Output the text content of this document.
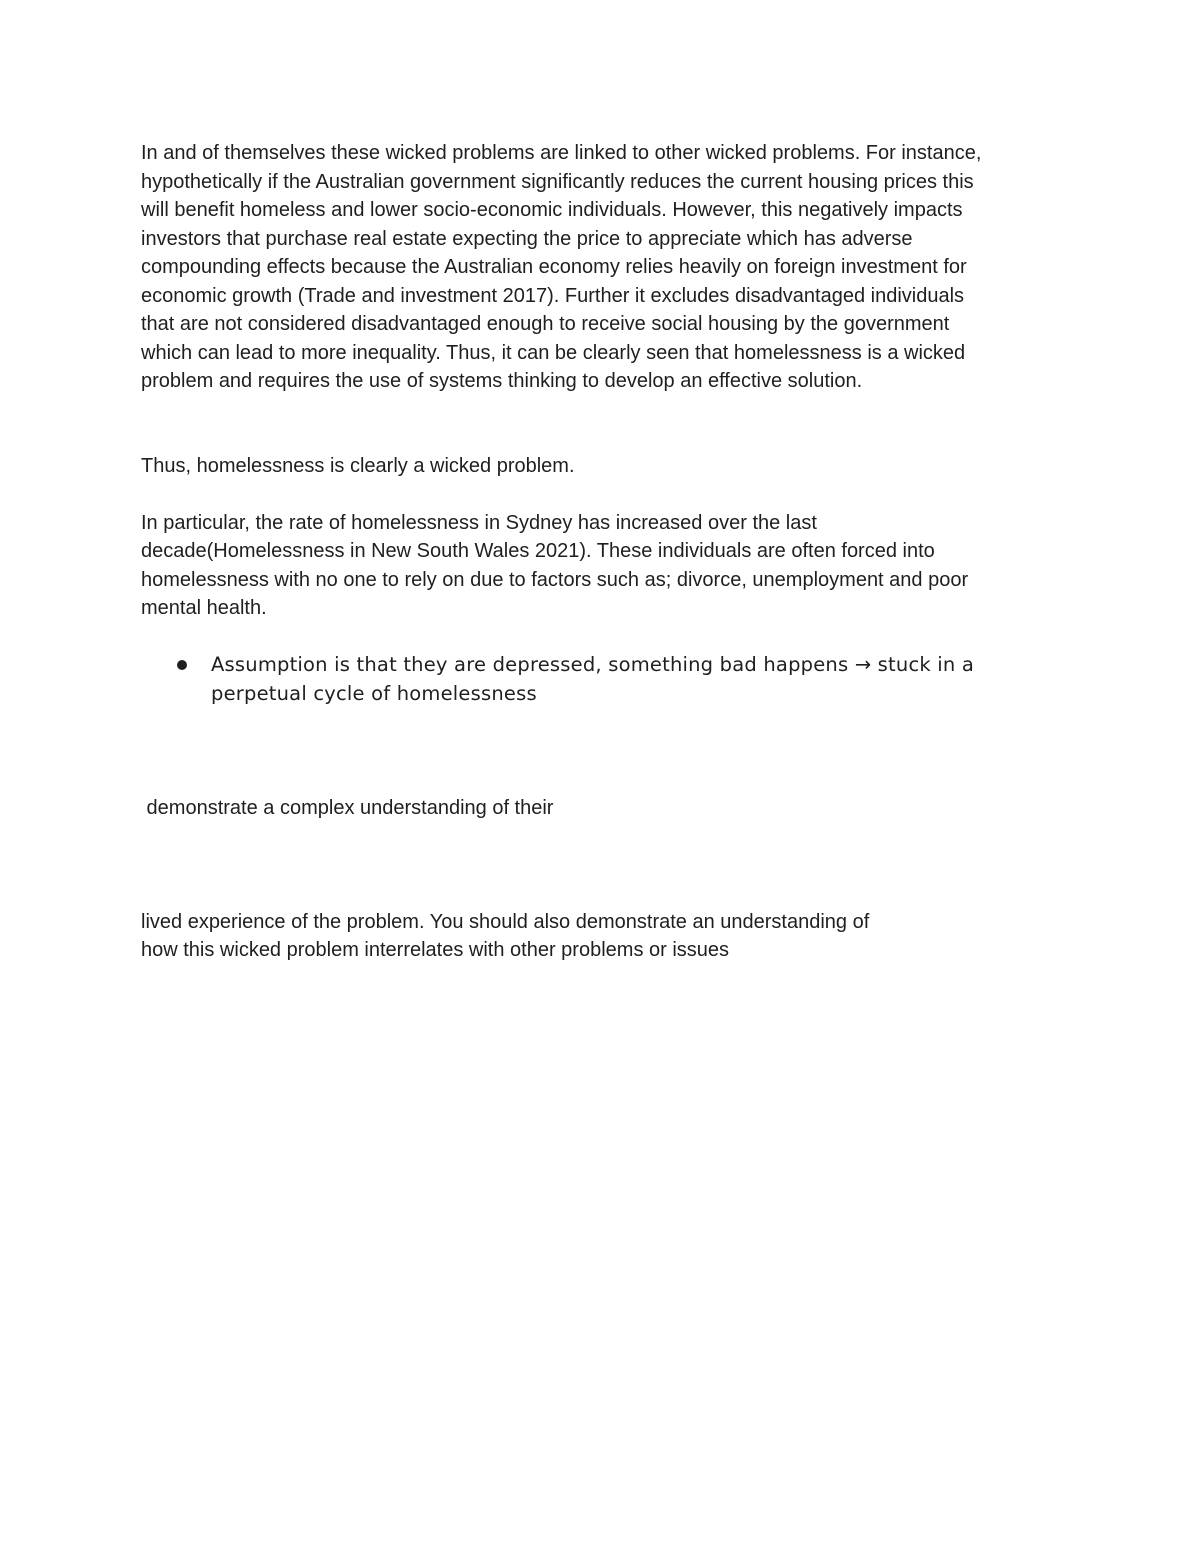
In and of themselves these wicked problems are linked to other wicked problems. For instance,
hypothetically if the Australian government significantly reduces the current housing prices this
will benefit homeless and lower socio-economic individuals. However, this negatively impacts
investors that purchase real estate expecting the price to appreciate which has adverse
compounding effects because the Australian economy relies heavily on foreign investment for
economic growth (Trade and investment 2017). Further it excludes disadvantaged individuals
that are not considered disadvantaged enough to receive social housing by the government
which can lead to more inequality. Thus, it can be clearly seen that homelessness is a wicked
problem and requires the use of systems thinking to develop an effective solution.

Thus, homelessness is clearly a wicked problem.

In particular, the rate of homelessness in Sydney has increased over the last
decade(Homelessness in New South Wales 2021). These individuals are often forced into
homelessness with no one to rely on due to factors such as; divorce, unemployment and poor
mental health.

Assumption is that they are depressed, something bad happens → stuck in a
perpetual cycle of homelessness

demonstrate a complex understanding of their

lived experience of the problem. You should also demonstrate an understanding of
how this wicked problem interrelates with other problems or issues
